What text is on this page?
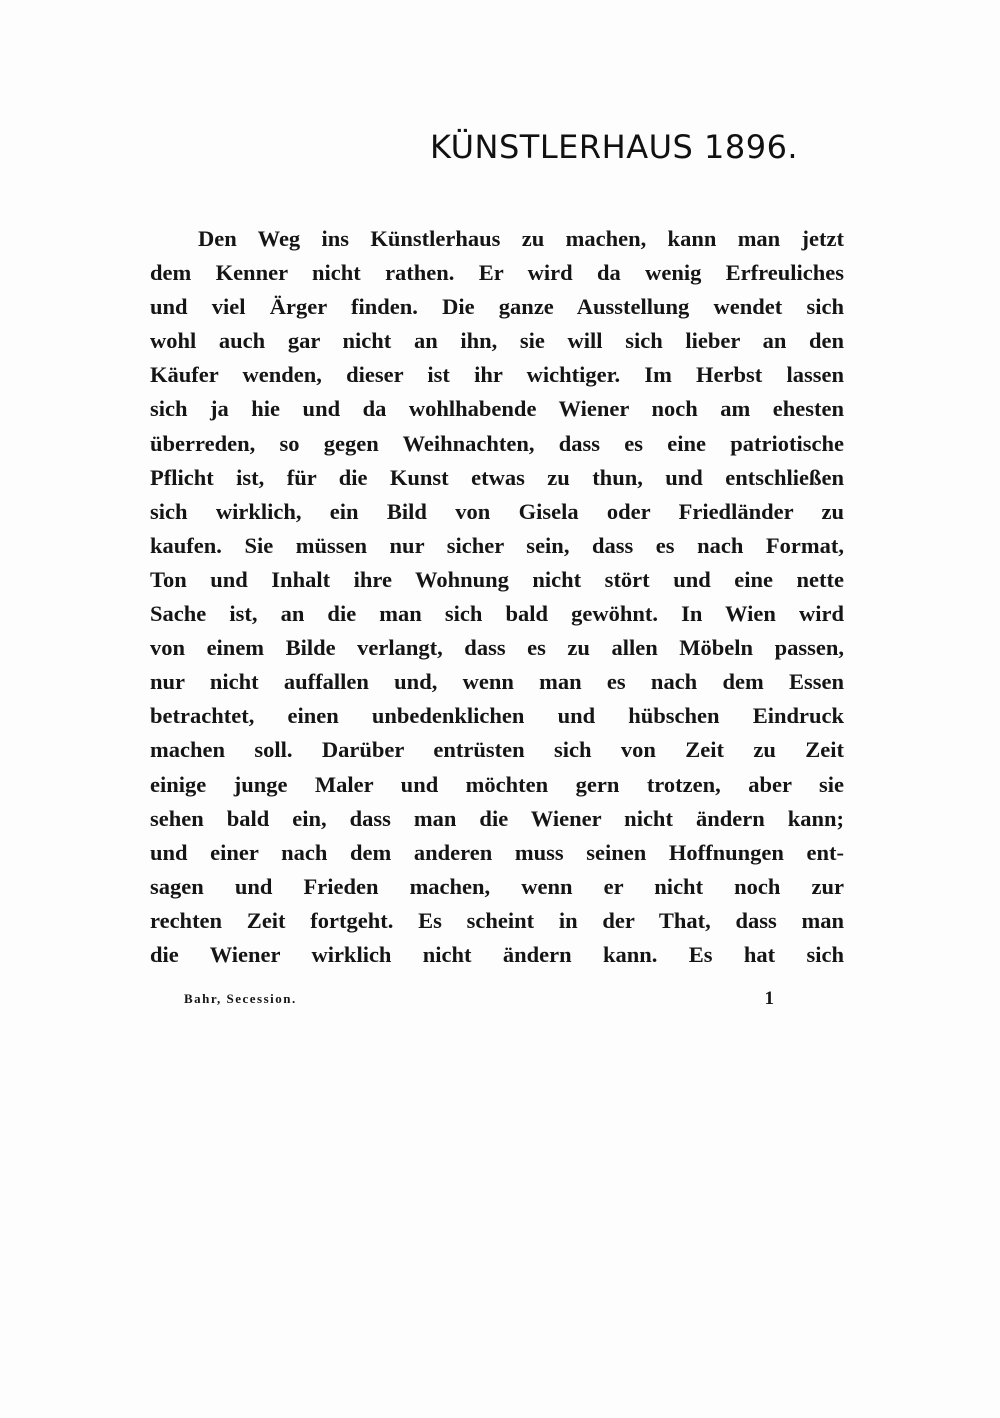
KÜNSTLERHAUS 1896.
Den Weg ins Künstlerhaus zu machen, kann man jetzt
dem Kenner nicht rathen. Er wird da wenig Erfreuliches
und viel Ärger finden. Die ganze Ausstellung wendet sich
wohl auch gar nicht an ihn, sie will sich lieber an den
Käufer wenden, dieser ist ihr wichtiger. Im Herbst lassen
sich ja hie und da wohlhabende Wiener noch am ehesten
überreden, so gegen Weihnachten, dass es eine patriotische
Pflicht ist, für die Kunst etwas zu thun, und entschließen
sich wirklich, ein Bild von Gisela oder Friedländer zu
kaufen. Sie müssen nur sicher sein, dass es nach Format,
Ton und Inhalt ihre Wohnung nicht stört und eine nette
Sache ist, an die man sich bald gewöhnt. In Wien wird
von einem Bilde verlangt, dass es zu allen Möbeln passen,
nur nicht auffallen und, wenn man es nach dem Essen
betrachtet, einen unbedenklichen und hübschen Eindruck
machen soll. Darüber entrüsten sich von Zeit zu Zeit
einige junge Maler und möchten gern trotzen, aber sie
sehen bald ein, dass man die Wiener nicht ändern kann;
und einer nach dem anderen muss seinen Hoffnungen ent-
sagen und Frieden machen, wenn er nicht noch zur
rechten Zeit fortgeht. Es scheint in der That, dass man
die Wiener wirklich nicht ändern kann. Es hat sich
Bahr, Secession.	1
